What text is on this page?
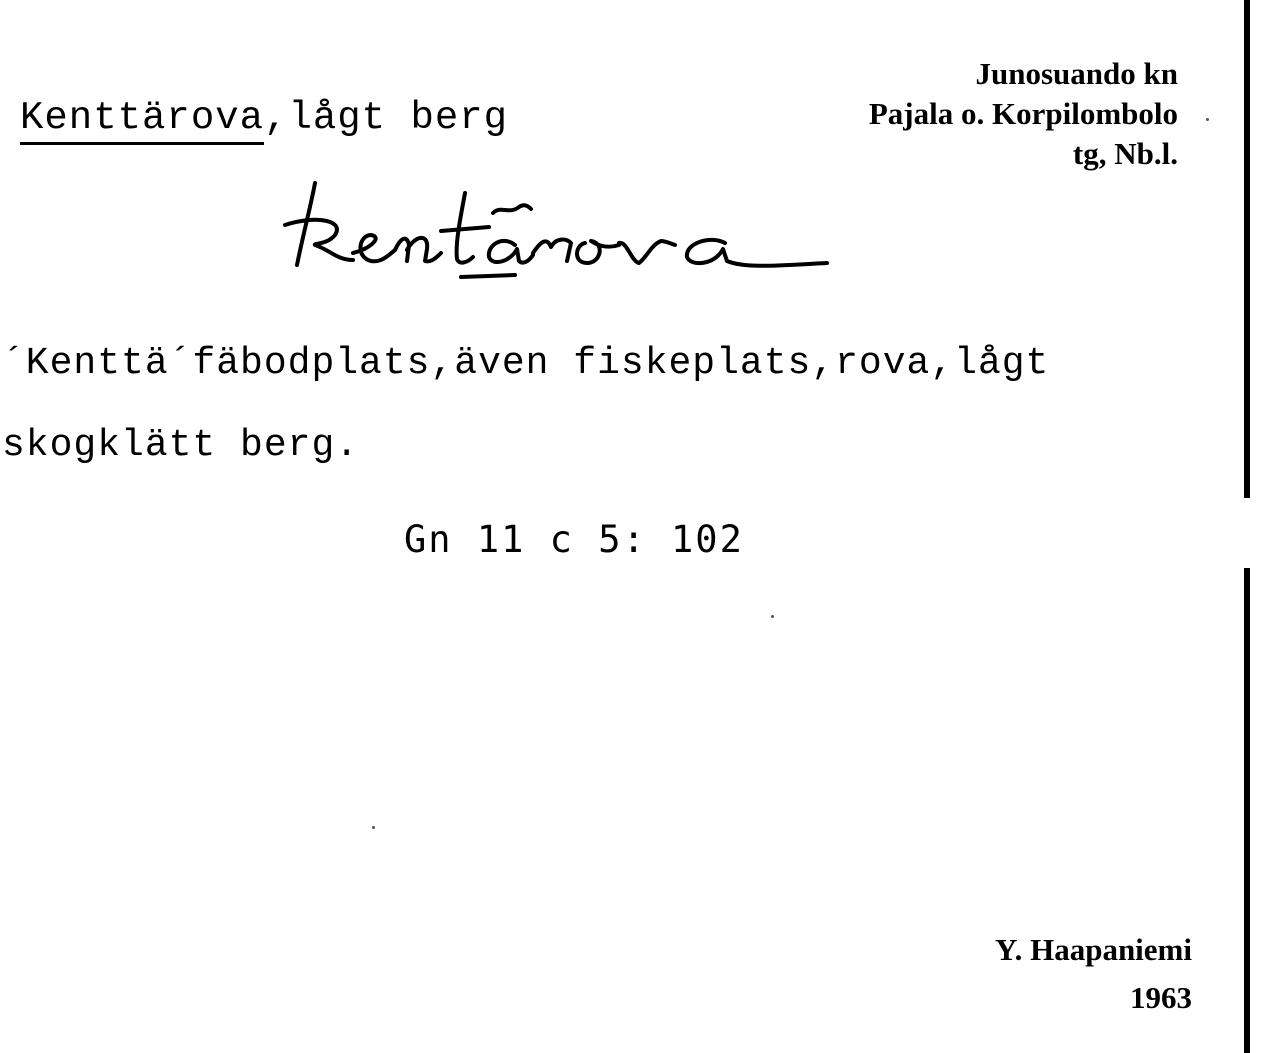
Kenttärova,lågt berg
Junosuando kn
Pajala o. Korpilombolo
tg, Nb.l.
´Kenttä´fäbodplats,även fiskeplats,rova,lågt
skogklätt berg.
Gn 11 c 5: 102
Y. Haapaniemi
1963
